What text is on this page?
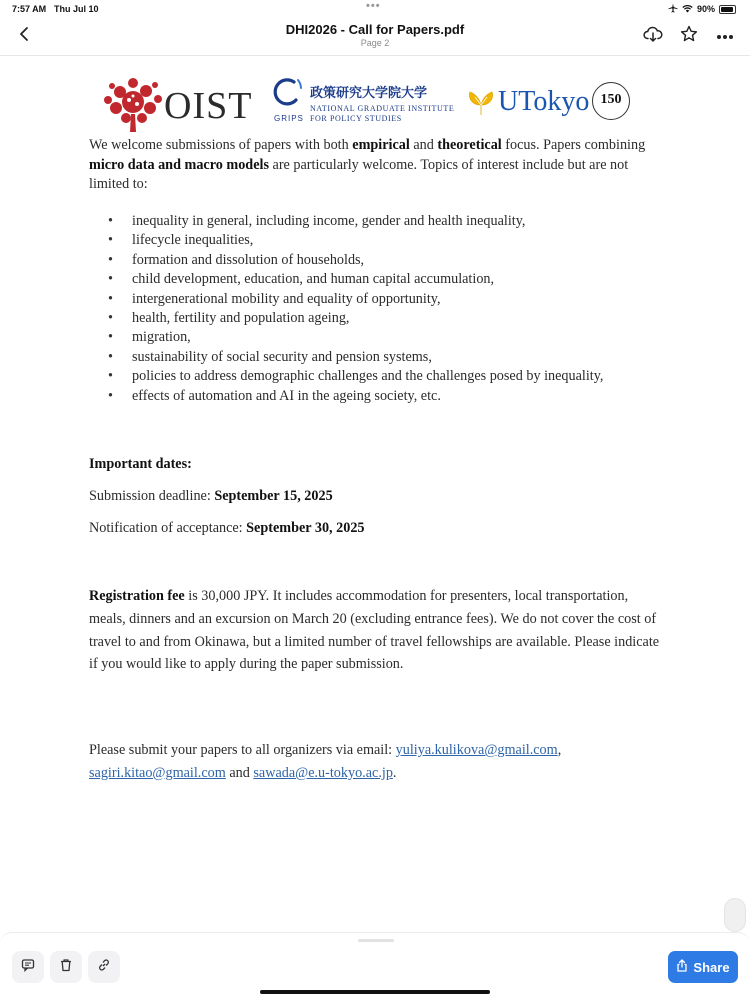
7:57 AM Thu Jul 10	•••	90%
DHI2026 - Call for Papers.pdf
Page 2
OIST	政策研究大学院大学
NATIONAL GRADUATE INSTITUTE
FOR POLICY STUDIES
GRIPS
UTokyo 150

We welcome submissions of papers with both empirical and theoretical focus. Papers combining micro data and macro models are particularly welcome. Topics of interest include but are not limited to:

• inequality in general, including income, gender and health inequality,
• lifecycle inequalities,
• formation and dissolution of households,
• child development, education, and human capital accumulation,
• intergenerational mobility and equality of opportunity,
• health, fertility and population ageing,
• migration,
• sustainability of social security and pension systems,
• policies to address demographic challenges and the challenges posed by inequality,
• effects of automation and AI in the ageing society, etc.
Important dates:
Submission deadline: September 15, 2025
Notification of acceptance: September 30, 2025

Registration fee is 30,000 JPY. It includes accommodation for presenters, local transportation, meals, dinners and an excursion on March 20 (excluding entrance fees). We do not cover the cost of travel to and from Okinawa, but a limited number of travel fellowships are available. Please indicate if you would like to apply during the paper submission.

Please submit your papers to all organizers via email: yuliya.kulikova@gmail.com, sagiri.kitao@gmail.com and sawada@e.u-tokyo.ac.jp.

Share
